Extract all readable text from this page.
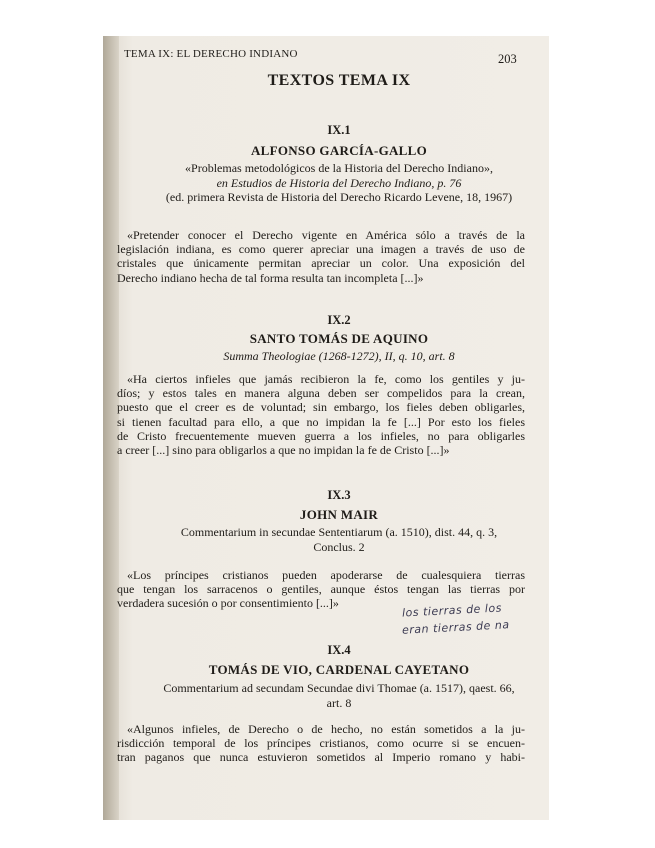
TEMA IX: EL DERECHO INDIANO	203
TEXTOS TEMA IX
IX.1
ALFONSO GARCÍA-GALLO
«Problemas metodológicos de la Historia del Derecho Indiano»,
en Estudios de Historia del Derecho Indiano, p. 76
(ed. primera Revista de Historia del Derecho Ricardo Levene, 18, 1967)
«Pretender conocer el Derecho vigente en América sólo a través de la
legislación indiana, es como querer apreciar una imagen a través de uso de
cristales que únicamente permitan apreciar un color. Una exposición del
Derecho indiano hecha de tal forma resulta tan incompleta [...]»
IX.2
SANTO TOMÁS DE AQUINO
Summa Theologiae (1268-1272), II, q. 10, art. 8
«Ha ciertos infieles que jamás recibieron la fe, como los gentiles y ju-
díos; y estos tales en manera alguna deben ser compelidos para la crean,
puesto que el creer es de voluntad; sin embargo, los fieles deben obligarles,
si tienen facultad para ello, a que no impidan la fe [...] Por esto los fieles
de Cristo frecuentemente mueven guerra a los infieles, no para obligarles
a creer [...] sino para obligarlos a que no impidan la fe de Cristo [...]»
IX.3
JOHN MAIR
Commentarium in secundae Sententiarum (a. 1510), dist. 44, q. 3,
Conclus. 2
«Los príncipes cristianos pueden apoderarse de cualesquiera tierras
que tengan los sarracenos o gentiles, aunque éstos tengan las tierras por
verdadera sucesión o por consentimiento [...]»	los tierras de los
eran tierras de na
IX.4
TOMÁS DE VIO, CARDENAL CAYETANO
Commentarium ad secundam Secundae divi Thomae (a. 1517), qaest. 66,
art. 8
«Algunos infieles, de Derecho o de hecho, no están sometidos a la ju-
risdicción temporal de los príncipes cristianos, como ocurre si se encuen-
tran paganos que nunca estuvieron sometidos al Imperio romano y habi-
